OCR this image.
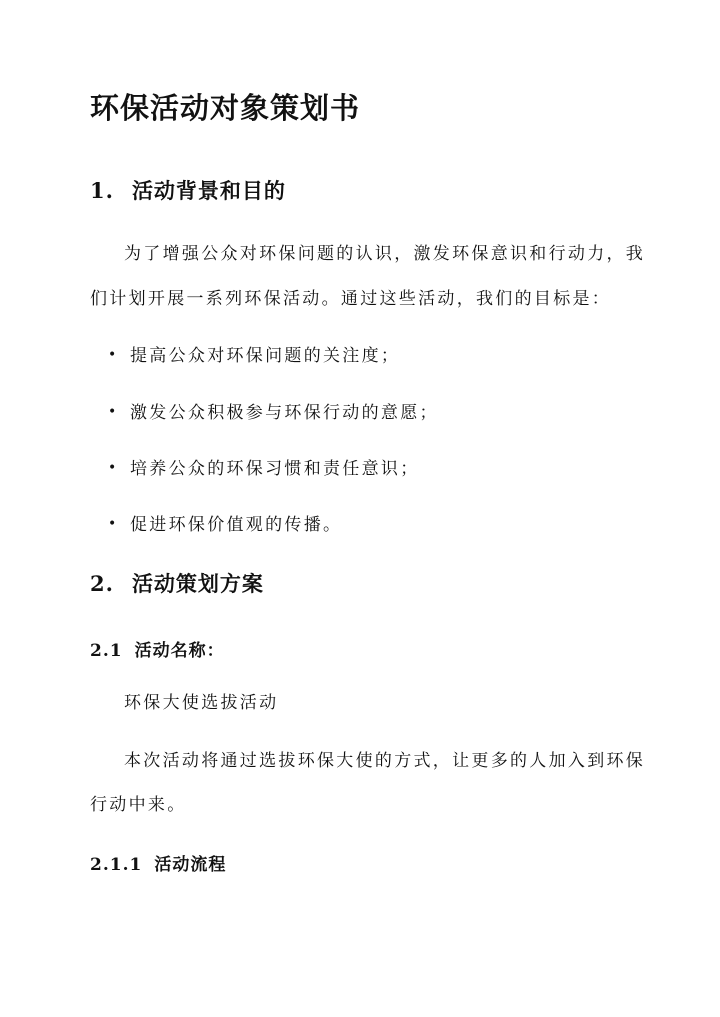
环保活动对象策划书
1. 活动背景和目的
为了增强公众对环保问题的认识，激发环保意识和行动力，我
们计划开展一系列环保活动。通过这些活动，我们的目标是：
• 提高公众对环保问题的关注度；
• 激发公众积极参与环保行动的意愿；
• 培养公众的环保习惯和责任意识；
• 促进环保价值观的传播。
2. 活动策划方案
2.1 活动名称：
环保大使选拔活动
本次活动将通过选拔环保大使的方式，让更多的人加入到环保
行动中来。
2.1.1 活动流程
